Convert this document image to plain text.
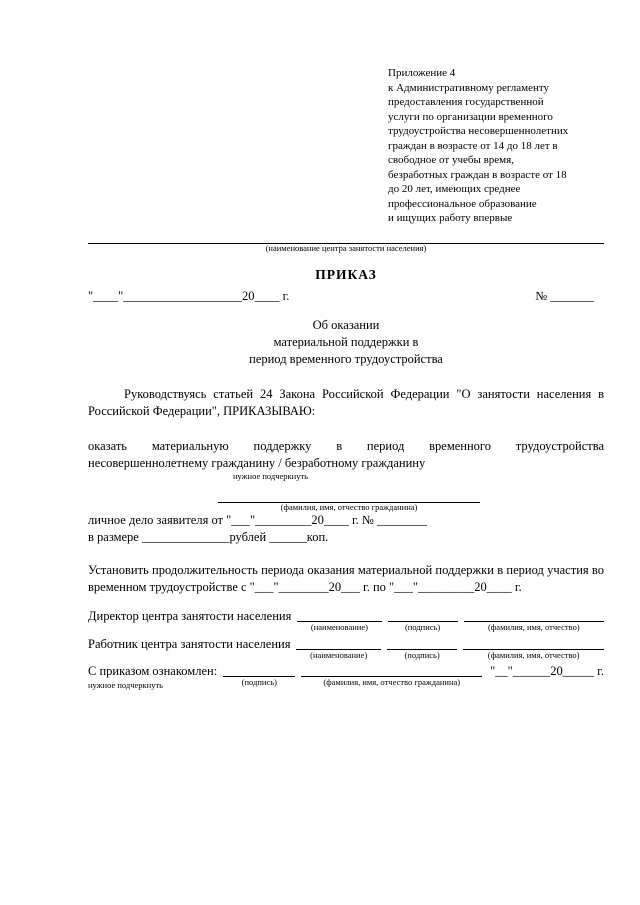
Приложение 4
к Административному регламенту
предоставления государственной
услуги по организации временного
трудоустройства несовершеннолетних
граждан в возрасте от 14 до 18 лет в
свободное от учебы время,
безработных граждан в возрасте от 18
до 20 лет, имеющих среднее
профессиональное образование
и ищущих работу впервые
(наименование центра занятости населения)
ПРИКАЗ
"____"___________________20____ г.	№ _______
Об оказании
материальной поддержки в
период временного трудоустройства

Руководствуясь статьей 24 Закона Российской Федерации "О занятости населения в Российской Федерации", ПРИКАЗЫВАЮ:

оказать материальную поддержку в период временного трудоустройства
несовершеннолетнему гражданину / безработному гражданину
нужное подчеркнуть
(фамилия, имя, отчество гражданина)
личное дело заявителя от "___"_________20____ г. № ________
в размере ______________рублей ______коп.

Установить продолжительность периода оказания материальной поддержки в период участия во временном трудоустройстве с "___"________20___ г. по "___"_________20____ г.

Директор центра занятости населения
(наименование)	(подпись)	(фамилия, имя, отчество)
Работник центра занятости населения
(наименование)	(подпись)	(фамилия, имя, отчество)
С приказом ознакомлен:
нужное подчеркнуть	(подпись)	(фамилия, имя, отчество гражданина)
"__"______20_____ г.
